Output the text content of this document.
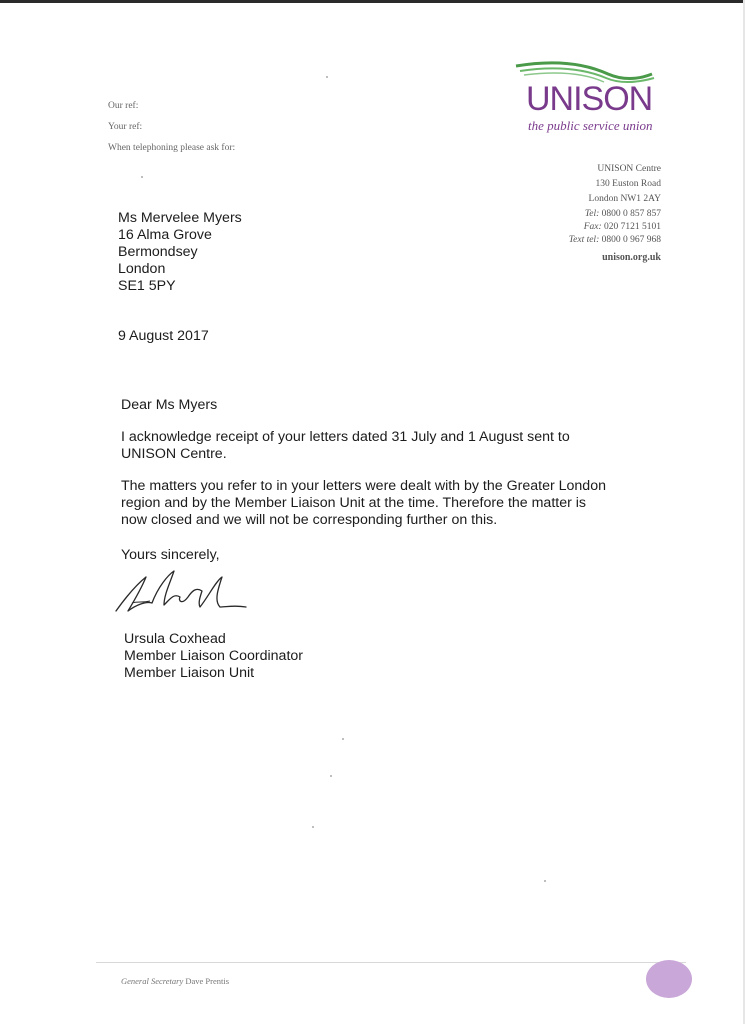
Our ref:
Your ref:
When telephoning please ask for:
UNISON
the public service union
UNISON Centre
130 Euston Road
London NW1 2AY
Tel: 0800 0 857 857
Fax: 020 7121 5101
Text tel: 0800 0 967 968
unison.org.uk
Ms Mervelee Myers
16 Alma Grove
Bermondsey
London
SE1 5PY
9 August 2017
Dear Ms Myers
I acknowledge receipt of your letters dated 31 July and 1 August sent to
UNISON Centre.
The matters you refer to in your letters were dealt with by the Greater London
region and by the Member Liaison Unit at the time. Therefore the matter is
now closed and we will not be corresponding further on this.
Yours sincerely,
Ursula Coxhead
Member Liaison Coordinator
Member Liaison Unit
General Secretary Dave Prentis
